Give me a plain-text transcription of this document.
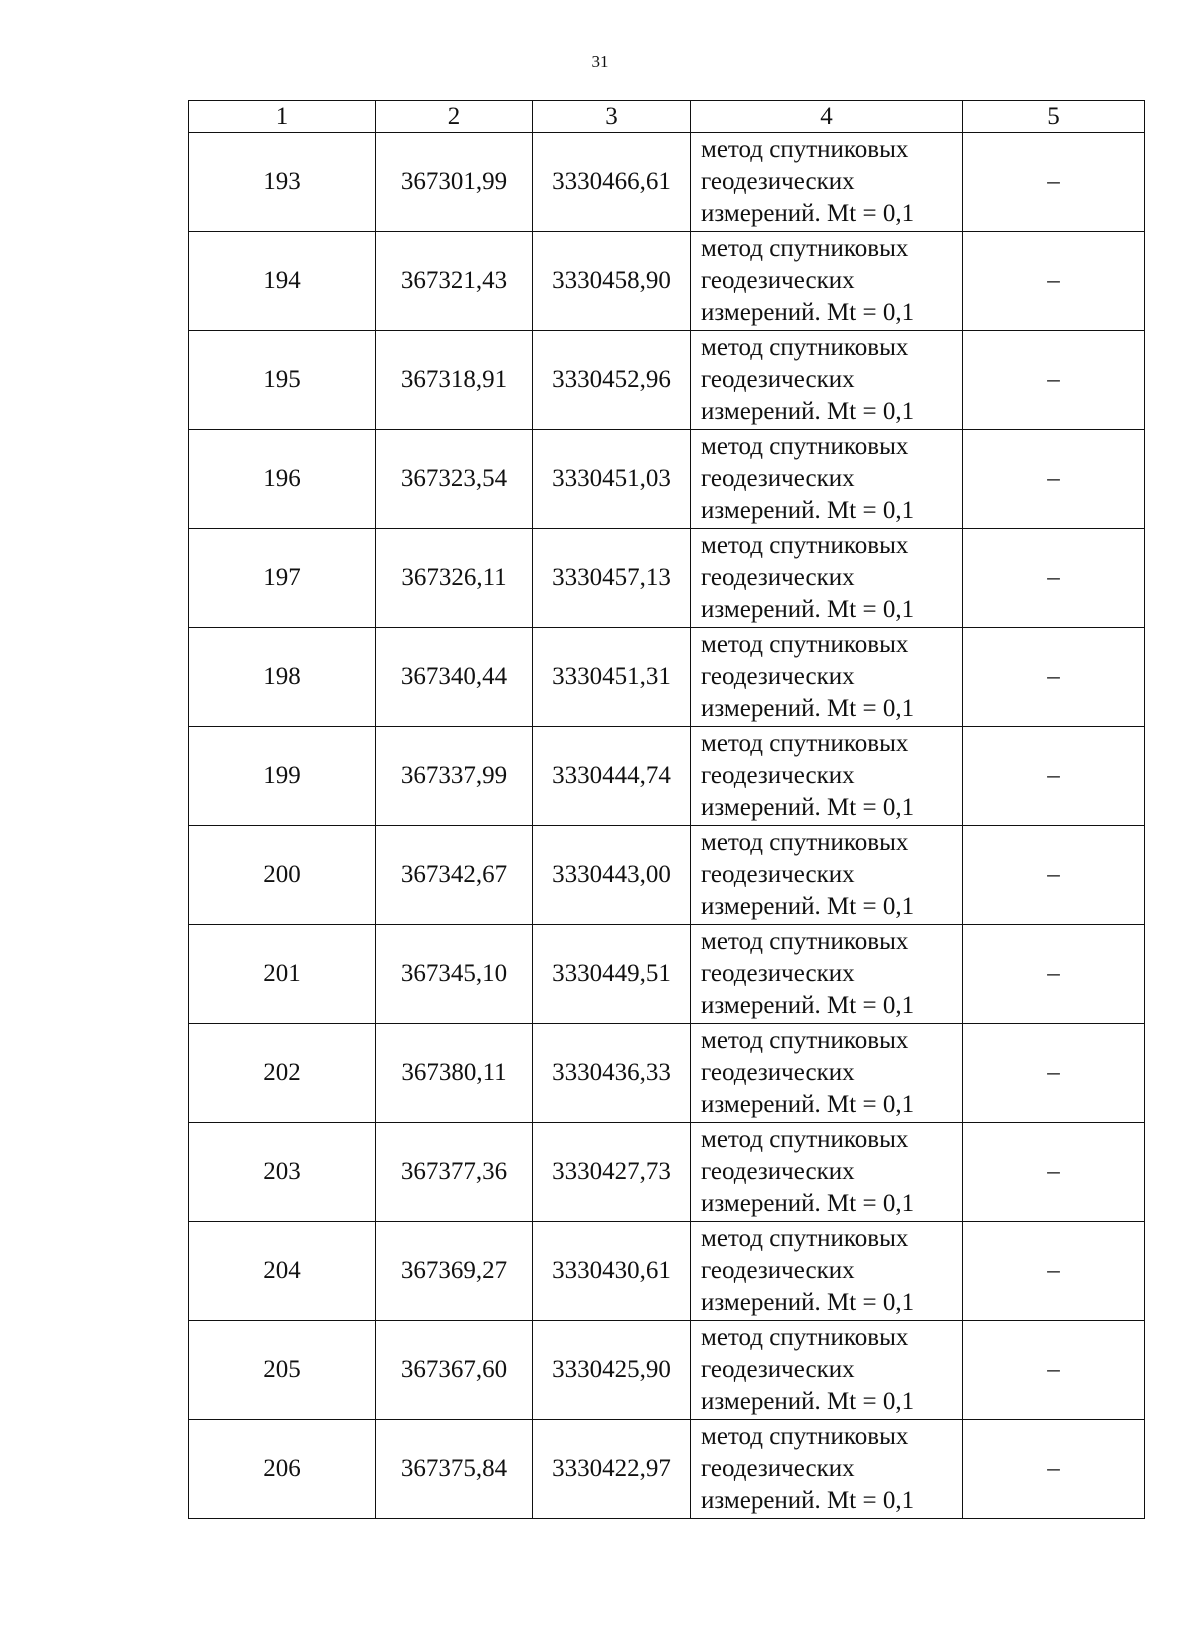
31
1	2	3	4	5
193	367301,99	3330466,61	метод спутниковых
геодезических
измерений. Mt = 0,1	–
194	367321,43	3330458,90	метод спутниковых
геодезических
измерений. Mt = 0,1	–
195	367318,91	3330452,96	метод спутниковых
геодезических
измерений. Mt = 0,1	–
196	367323,54	3330451,03	метод спутниковых
геодезических
измерений. Mt = 0,1	–
197	367326,11	3330457,13	метод спутниковых
геодезических
измерений. Mt = 0,1	–
198	367340,44	3330451,31	метод спутниковых
геодезических
измерений. Mt = 0,1	–
199	367337,99	3330444,74	метод спутниковых
геодезических
измерений. Mt = 0,1	–
200	367342,67	3330443,00	метод спутниковых
геодезических
измерений. Mt = 0,1	–
201	367345,10	3330449,51	метод спутниковых
геодезических
измерений. Mt = 0,1	–
202	367380,11	3330436,33	метод спутниковых
геодезических
измерений. Mt = 0,1	–
203	367377,36	3330427,73	метод спутниковых
геодезических
измерений. Mt = 0,1	–
204	367369,27	3330430,61	метод спутниковых
геодезических
измерений. Mt = 0,1	–
205	367367,60	3330425,90	метод спутниковых
геодезических
измерений. Mt = 0,1	–
206	367375,84	3330422,97	метод спутниковых
геодезических
измерений. Mt = 0,1	–
